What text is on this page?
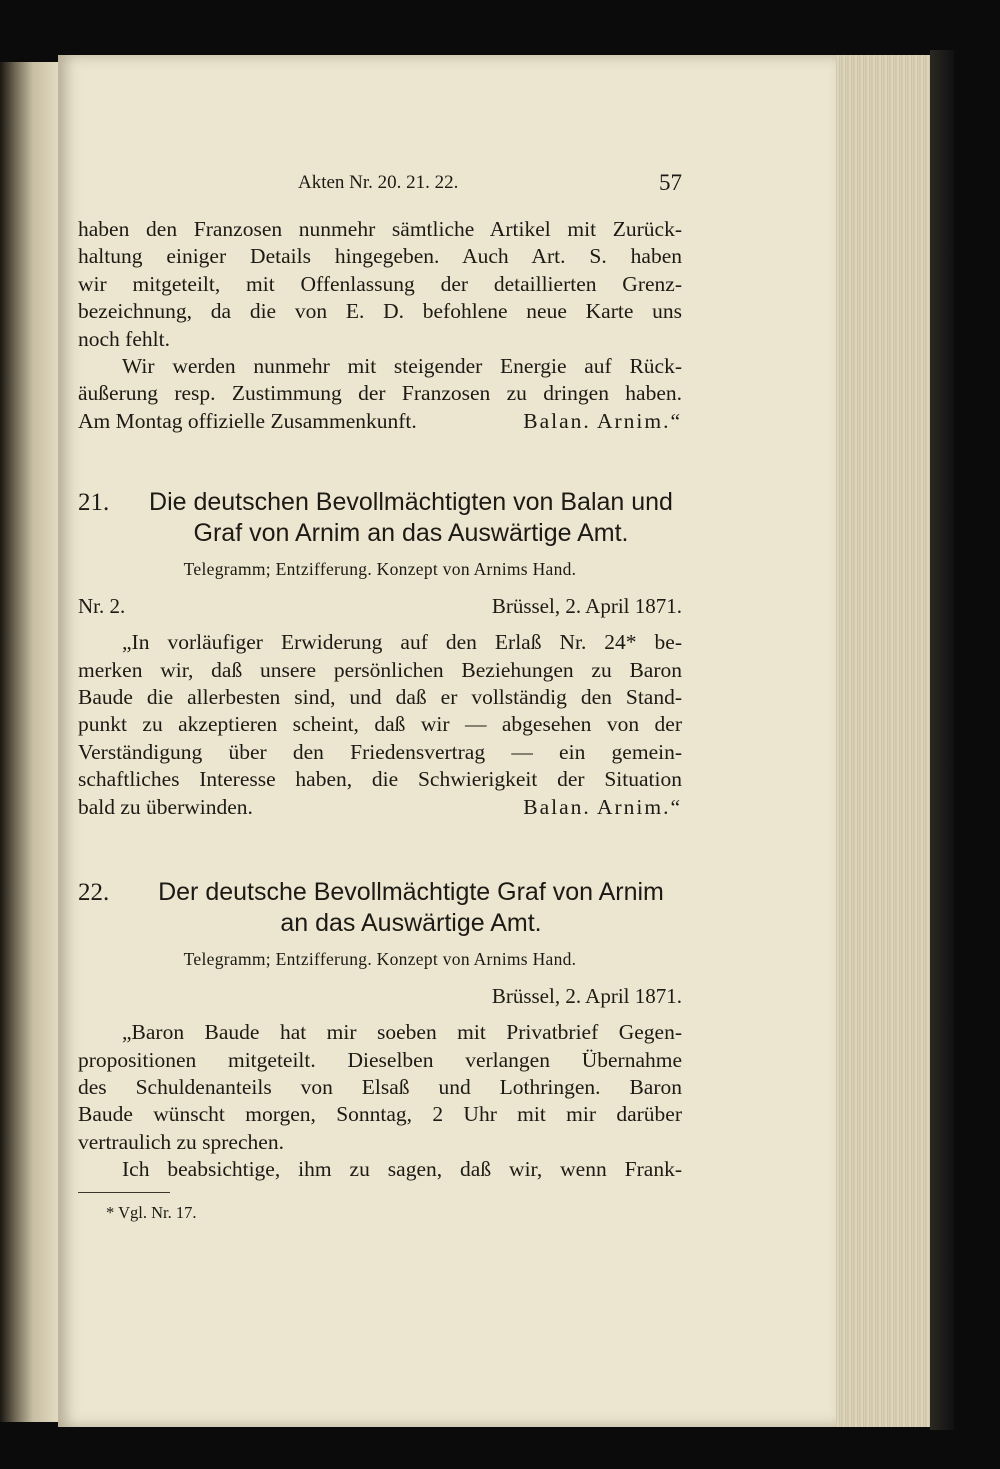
Akten Nr. 20. 21. 22.	57

haben den Franzosen nunmehr sämtliche Artikel mit Zurück-

haltung einiger Details hingegeben. Auch Art. S. haben

wir mitgeteilt, mit Offenlassung der detaillierten Grenz-

bezeichnung, da die von E. D. befohlene neue Karte uns

noch fehlt.

Wir werden nunmehr mit steigender Energie auf Rück-

äußerung resp. Zustimmung der Franzosen zu dringen haben.

Am Montag offizielle Zusammenkunft.	Balan. Arnim.“
21.	Die deutschen Bevollmächtigten von Balan und
Graf von Arnim an das Auswärtige Amt.
Telegramm; Entzifferung. Konzept von Arnims Hand.
Nr. 2.	Brüssel, 2. April 1871.

„In vorläufiger Erwiderung auf den Erlaß Nr. 24* be-

merken wir, daß unsere persönlichen Beziehungen zu Baron

Baude die allerbesten sind, und daß er vollständig den Stand-

punkt zu akzeptieren scheint, daß wir — abgesehen von der

Verständigung über den Friedensvertrag — ein gemein-

schaftliches Interesse haben, die Schwierigkeit der Situation

bald zu überwinden.	Balan. Arnim.“
22.	Der deutsche Bevollmächtigte Graf von Arnim
an das Auswärtige Amt.
Telegramm; Entzifferung. Konzept von Arnims Hand.
Brüssel, 2. April 1871.

„Baron Baude hat mir soeben mit Privatbrief Gegen-

propositionen mitgeteilt. Dieselben verlangen Übernahme

des Schuldenanteils von Elsaß und Lothringen. Baron

Baude wünscht morgen, Sonntag, 2 Uhr mit mir darüber

vertraulich zu sprechen.

Ich beabsichtige, ihm zu sagen, daß wir, wenn Frank-

* Vgl. Nr. 17.
